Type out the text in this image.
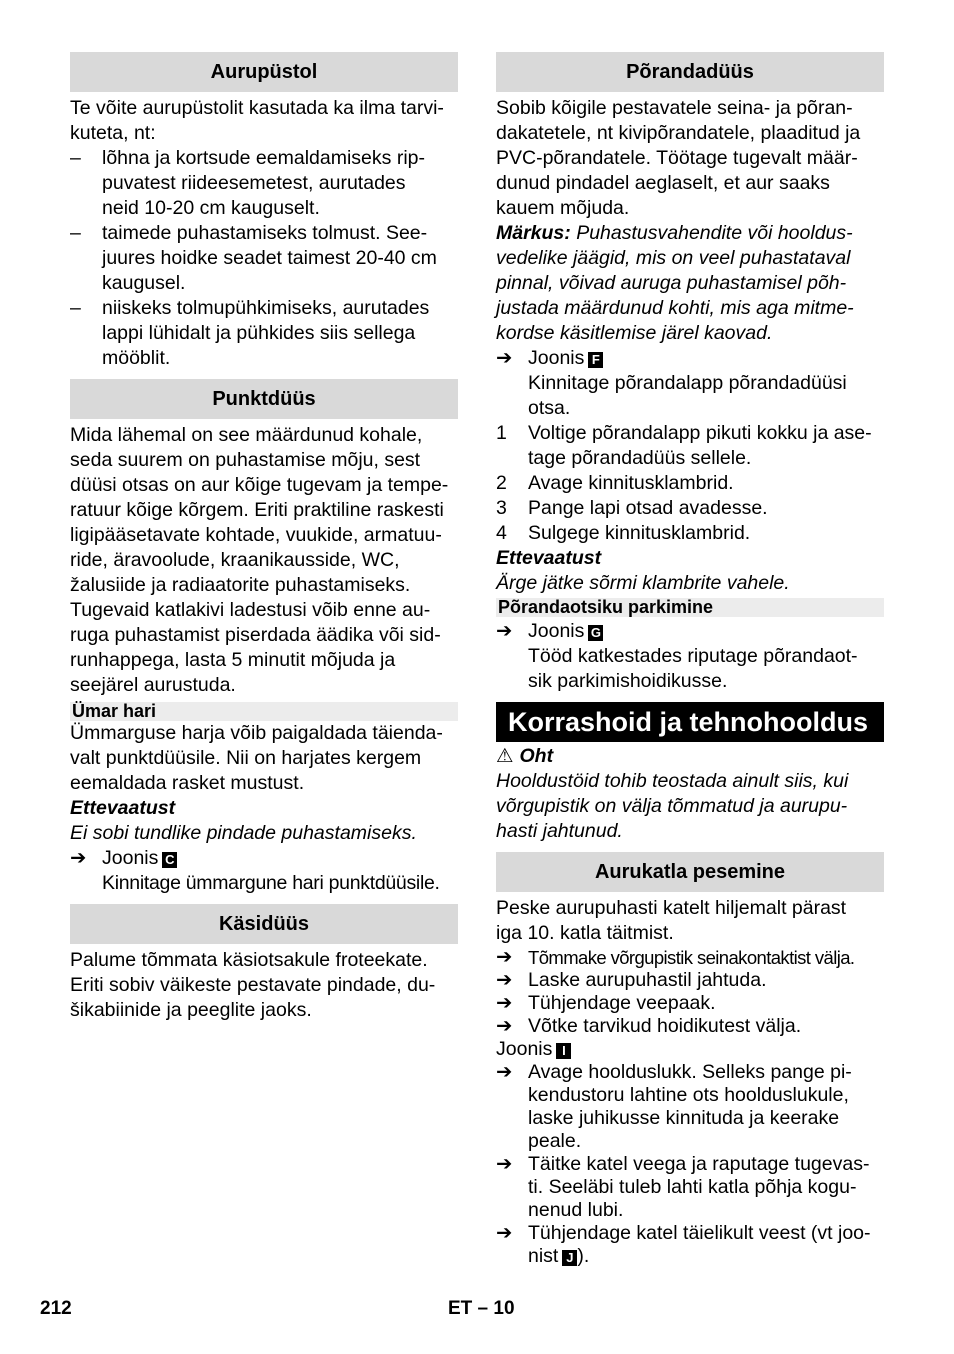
Aurupüstol
Te võite aurupüstolit kasutada ka ilma tarvi-
kuteta, nt:
–	lõhna ja kortsude eemaldamiseks rip-
puvatest riideesemetest, aurutades
neid 10-20 cm kauguselt.
–	taimede puhastamiseks tolmust. See-
juures hoidke seadet taimest 20-40 cm
kaugusel.
–	niiskeks tolmupühkimiseks, aurutades
lappi lühidalt ja pühkides siis sellega
mööblit.
Punktdüüs
Mida lähemal on see määrdunud kohale,
seda suurem on puhastamise mõju, sest
düüsi otsas on aur kõige tugevam ja tempe-
ratuur kõige kõrgem. Eriti praktiline raskesti
ligipääsetavate kohtade, vuukide, armatuu-
ride, äravoolude, kraanikausside, WC,
žalusiide ja radiaatorite puhastamiseks.
Tugevaid katlakivi ladestusi võib enne au-
ruga puhastamist piserdada äädika või sid-
runhappega, lasta 5 minutit mõjuda ja
seejärel aurustuda.
Ümar hari
Ümmarguse harja võib paigaldada täienda-
valt punktdüüsile. Nii on harjates kergem
eemaldada rasket mustust.
Ettevaatust
Ei sobi tundlike pindade puhastamiseks.
➔ Joonis C
Kinnitage ümmargune hari punktdüüsile.
Käsidüüs
Palume tõmmata käsiotsakule froteekate.
Eriti sobiv väikeste pestavate pindade, du-
šikabiinide ja peeglite jaoks.
Põrandadüüs
Sobib kõigile pestavatele seina- ja põran-
dakatetele, nt kivipõrandatele, plaaditud ja
PVC-põrandatele. Töötage tugevalt määr-
dunud pindadel aeglaselt, et aur saaks
kauem mõjuda.
Märkus: Puhastusvahendite või hooldus-
vedelike jäägid, mis on veel puhastataval
pinnal, võivad auruga puhastamisel põh-
justada määrdunud kohti, mis aga mitme-
kordse käsitlemise järel kaovad.
➔ Joonis F
Kinnitage põrandalapp põrandadüüsi
otsa.
1	Voltige põrandalapp pikuti kokku ja ase-
tage põrandadüüs sellele.
2	Avage kinnitusklambrid.
3	Pange lapi otsad avadesse.
4	Sulgege kinnitusklambrid.
Ettevaatust
Ärge jätke sõrmi klambrite vahele.
Põrandaotsiku parkimine
➔ Joonis G
Tööd katkestades riputage põrandaot-
sik parkimishoidikusse.
Korrashoid ja tehnohooldus
⚠ Oht
Hooldustöid tohib teostada ainult siis, kui
võrgupistik on välja tõmmatud ja aurupu-
hasti jahtunud.
Aurukatla pesemine
Peske aurupuhasti katelt hiljemalt pärast
iga 10. katla täitmist.
➔ Tõmmake võrgupistik seinakontaktist välja.
➔ Laske aurupuhastil jahtuda.
➔ Tühjendage veepaak.
➔ Võtke tarvikud hoidikutest välja.
Joonis I
➔ Avage hoolduslukk. Selleks pange pi-
kendustoru lahtine ots hoolduslukule,
laske juhikusse kinnituda ja keerake
peale.
➔ Täitke katel veega ja raputage tugevas-
ti. Seeläbi tuleb lahti katla põhja kogu-
nenud lubi.
➔ Tühjendage katel täielikult veest (vt joo-
nist J ).
212	ET – 10
